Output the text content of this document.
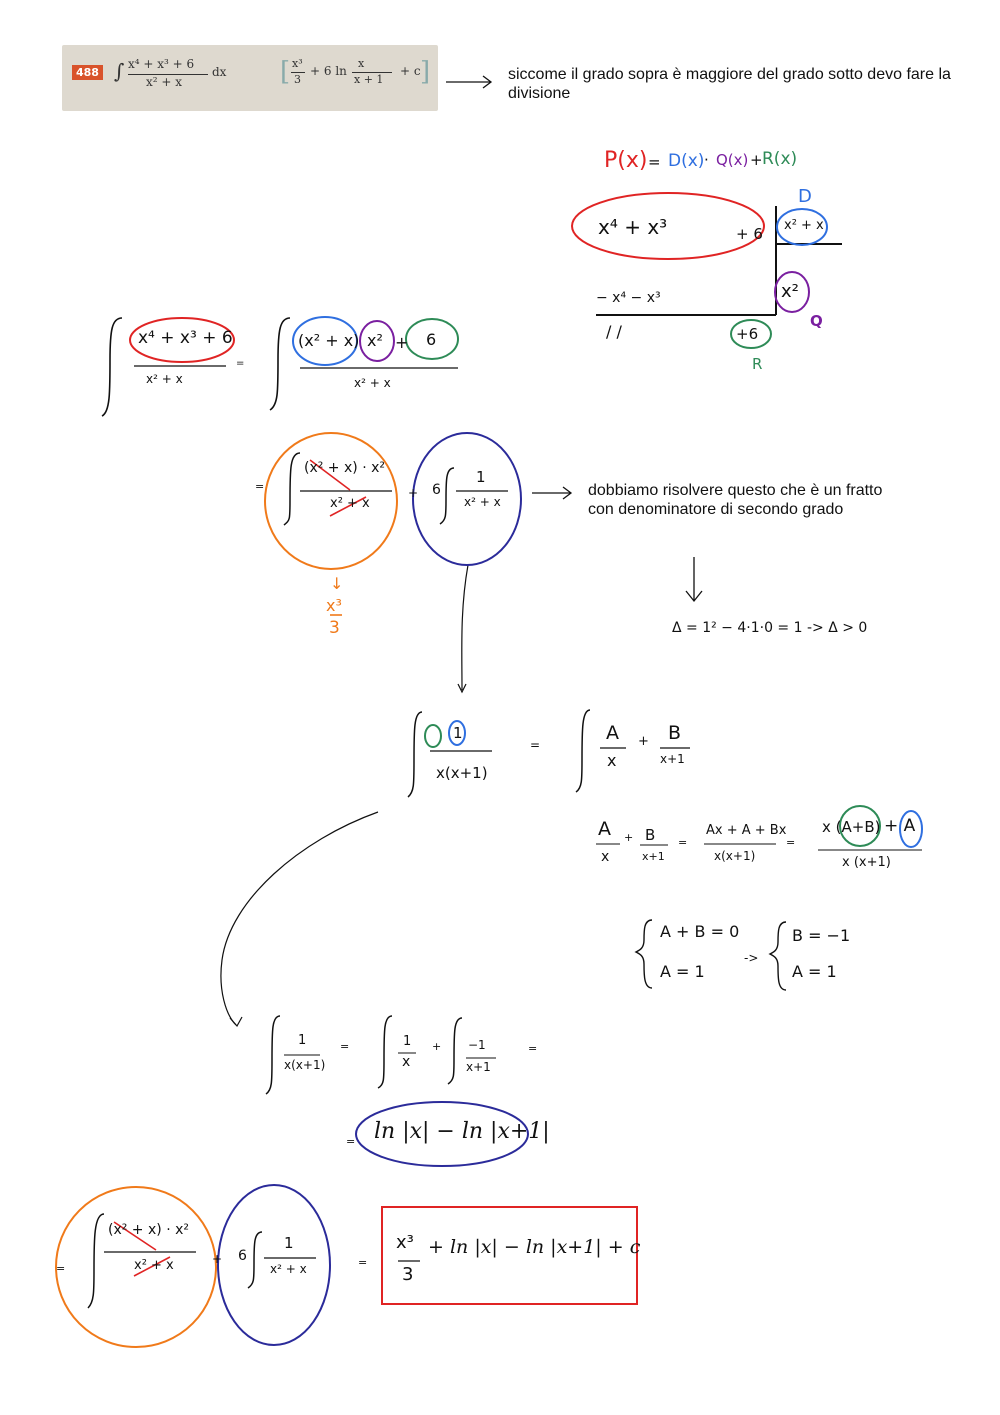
488 ∫ x⁴ + x³ + 6
x² + x
dx [ x³
3
+ 6 ln
x
x + 1
+ c ]	siccome il grado sopra è maggiore del grado sotto devo fare la divisione
dobbiamo risolvere questo che è un fratto con denominatore di secondo grado
P(x) = D(x) · Q(x) + R(x)
D
x⁴ + x³	+ 6 x² + x
− x⁴ − x³	x²
Q
/ /	+6
R
x⁴ + x³ + 6
x² + x
=
(x² + x) x² + 6
x² + x
=
(x² + x) · x²
x² + x
+ 6
1
x² + x
↓
x³
3	Δ = 1² − 4·1·0 = 1 -> Δ > 0
1
x(x+1)
=
A
x
+ B
x+1
A
x
+ B
x+1
=
Ax + A + Bx
x(x+1)
=
x (A+B) + A
x (x+1)
A + B = 0
A = 1
->
B = −1
A = 1
1
x(x+1)
=	1
x
+ −1
x+1
=
= ln |x| − ln |x+1|
=
(x² + x) · x²
x² + x	+ 6
1
x² + x	=
x³
3
+ ln |x| − ln |x+1| + c
